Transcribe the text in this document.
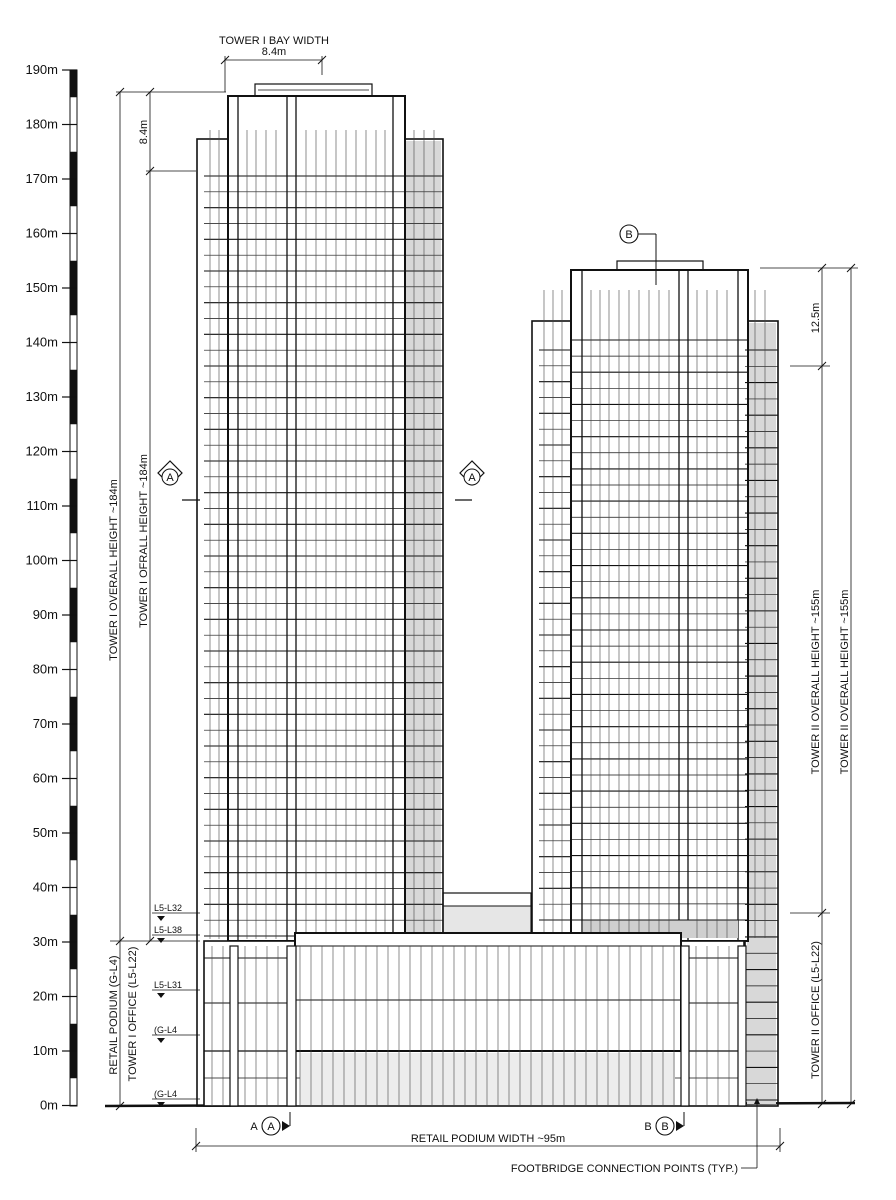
190m
180m
170m
160m
150m
140m
130m
120m
110m
100m
90m
80m
70m
60m
50m
40m
30m
20m
10m
0m
TOWER I BAY WIDTH
8.4m
8.4m
TOWER I OVERALL HEIGHT ~184m TOWER I OFRALL HEIGHT ~184m
RETAIL PODIUM (G-L4) TOWER I OFFICE (L5-L22)
L5-L32
L5-L38
L5-L31
(G-L4
(G-L4
A	A
A A	B B
B
RETAIL PODIUM WIDTH ~95m
FOOTBRIDGE CONNECTION POINTS (TYP.)
12.5m
TOWER II OVERALL HEIGHT ~155m TOWER II OVERALL HEIGHT ~155m
TOWER II OFFICE (L5-L22)
